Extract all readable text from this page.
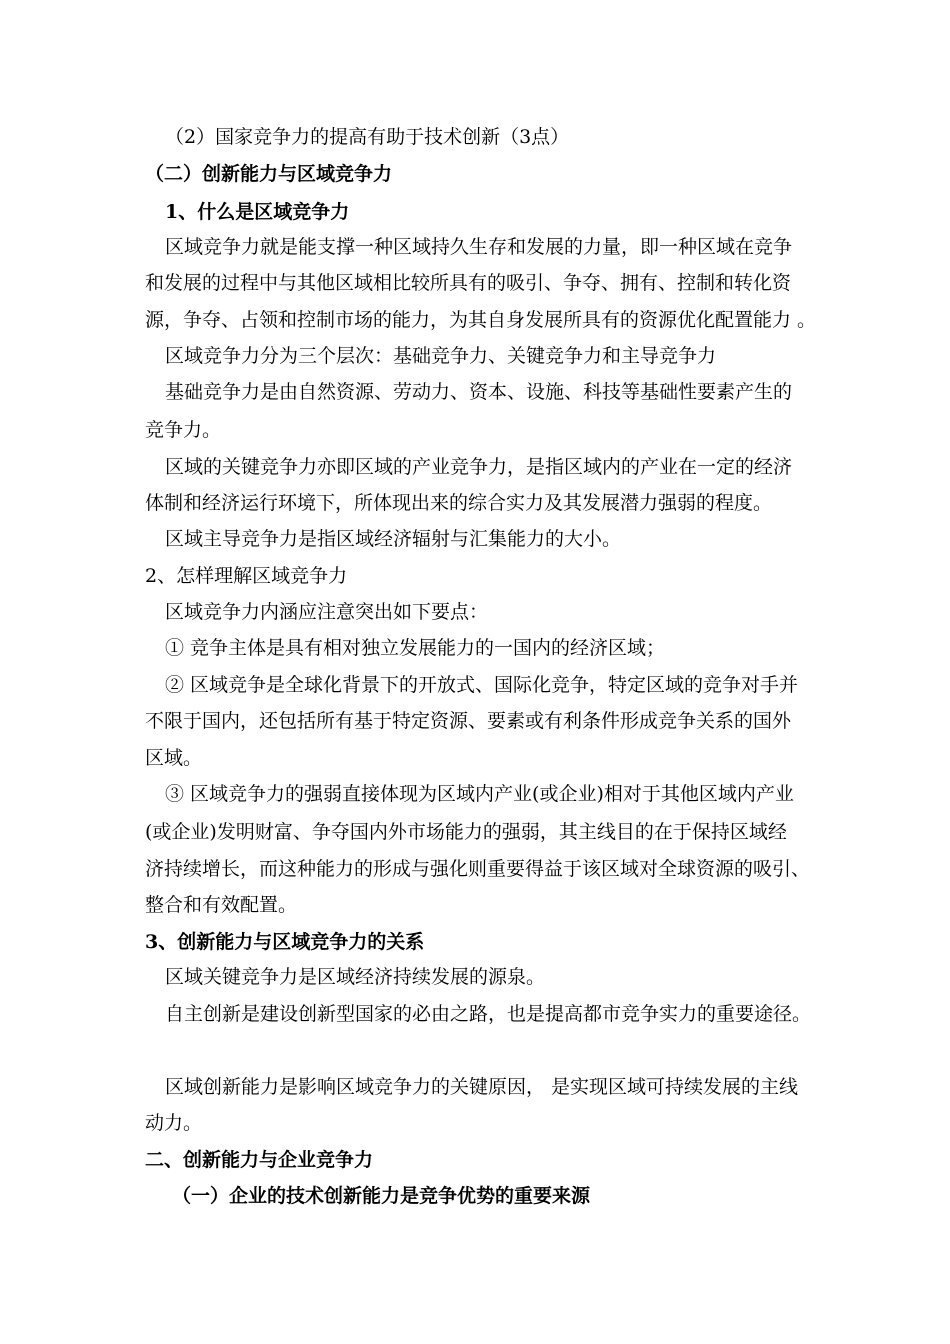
（2）国家竞争力的提高有助于技术创新（3点）
（二）创新能力与区域竞争力
1、什么是区域竞争力
区域竞争力就是能支撑一种区域持久生存和发展的力量，即一种区域在竞争
和发展的过程中与其他区域相比较所具有的吸引、争夺、拥有、控制和转化资
源，争夺、占领和控制市场的能力，为其自身发展所具有的资源优化配置能力 。
区域竞争力分为三个层次：基础竞争力、关键竞争力和主导竞争力
基础竞争力是由自然资源、劳动力、资本、设施、科技等基础性要素产生的
竞争力。
区域的关键竞争力亦即区域的产业竞争力，是指区域内的产业在一定的经济
体制和经济运行环境下，所体现出来的综合实力及其发展潜力强弱的程度。
区域主导竞争力是指区域经济辐射与汇集能力的大小。
2、怎样理解区域竞争力
区域竞争力内涵应注意突出如下要点：
① 竞争主体是具有相对独立发展能力的一国内的经济区域；
② 区域竞争是全球化背景下的开放式、国际化竞争，特定区域的竞争对手并
不限于国内，还包括所有基于特定资源、要素或有利条件形成竞争关系的国外
区域。
③ 区域竞争力的强弱直接体现为区域内产业(或企业)相对于其他区域内产业
(或企业)发明财富、争夺国内外市场能力的强弱，其主线目的在于保持区域经
济持续增长，而这种能力的形成与强化则重要得益于该区域对全球资源的吸引、
整合和有效配置。
3、创新能力与区域竞争力的关系
区域关键竞争力是区域经济持续发展的源泉。
自主创新是建设创新型国家的必由之路，也是提高都市竞争实力的重要途径。
区域创新能力是影响区域竞争力的关键原因， 是实现区域可持续发展的主线
动力。
二、创新能力与企业竞争力
（一）企业的技术创新能力是竞争优势的重要来源
